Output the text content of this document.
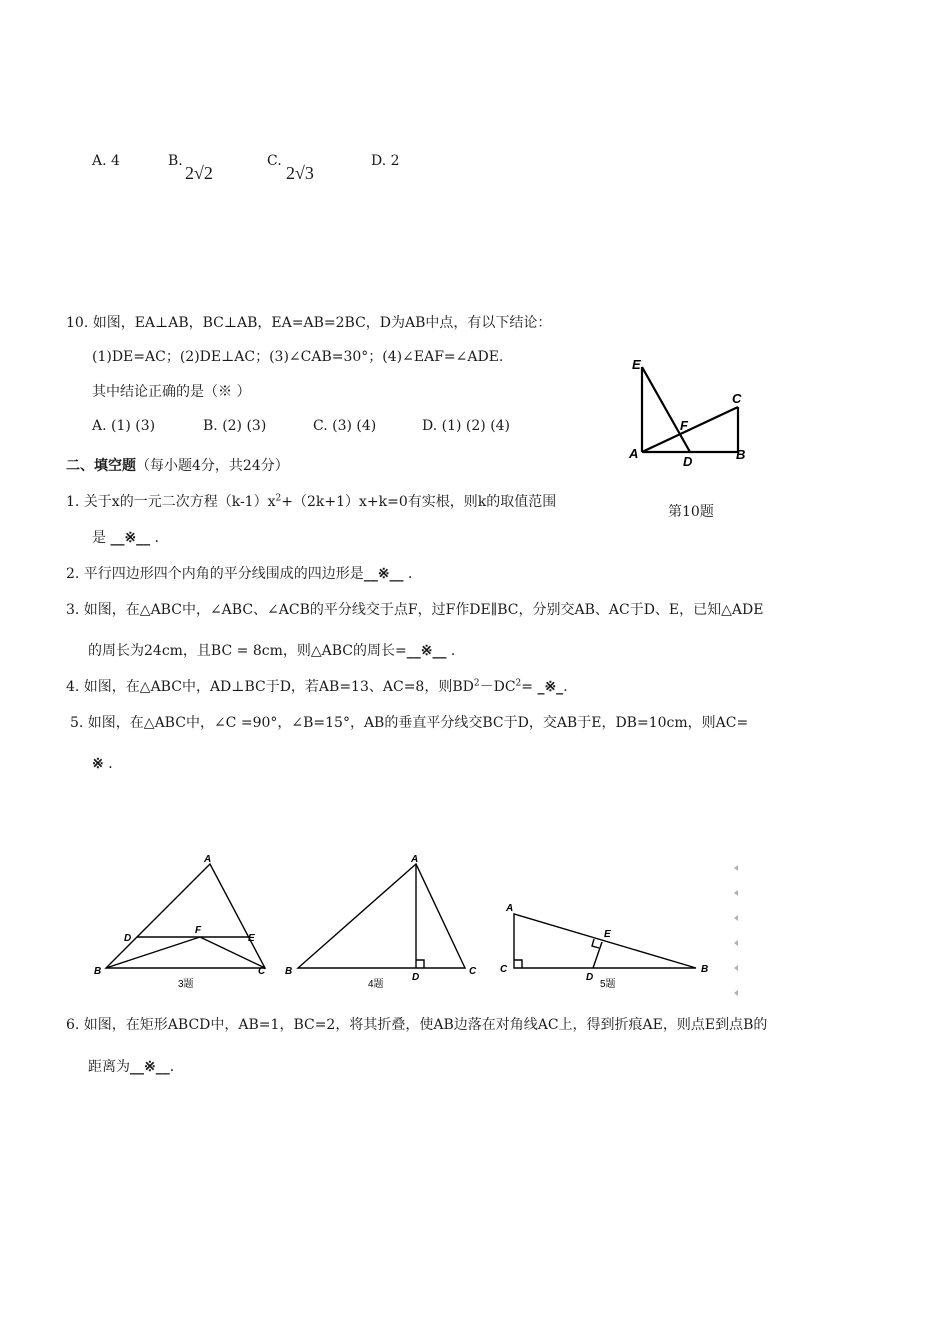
A. 4	B.
2√2
C.
2√3
D. 2
10. 如图，EA⊥AB，BC⊥AB，EA=AB=2BC，D为AB中点，有以下结论：
(1)DE=AC；(2)DE⊥AC；(3)∠CAB=30°；(4)∠EAF=∠ADE.
其中结论正确的是（※ ）
A. (1) (3)	B. (2) (3)	C. (3) (4)	D. (1) (2) (4)
E
C
F
A
D	B
第10题
二、填空题（每小题4分，共24分）
1. 关于x的一元二次方程$(k-1)x^2+(2k+1)x+k=0$有实根，则k的取值范围
是 __※__ ．
2. 平行四边形四个内角的平分线围成的四边形是__※__ ．
3. 如图，在△ABC中，∠ABC、∠ACB的平分线交于点F，过F作DE∥BC，分别交AB、AC于D、E，已知△ADE
的周长为24cm，且BC = 8cm，则△ABC的周长=__※__ ．
4. 如图，在△ABC中，AD⊥BC于D，若AB=13、AC=8，则$BD^2-DC^2=$ _※_．
5. 如图，在△ABC中，∠C =90°，∠B=15°，AB的垂直平分线交BC于D，交AB于E，DB=10cm，则AC=
※ ．
A
D
F
E
B	C
3题
A
B
D
C
4题
A
E
C
D
B
5题
6. 如图，在矩形ABCD中，AB=1，BC=2，将其折叠，使AB边落在对角线AC上，得到折痕AE，则点E到点B的
距离为__※__．
